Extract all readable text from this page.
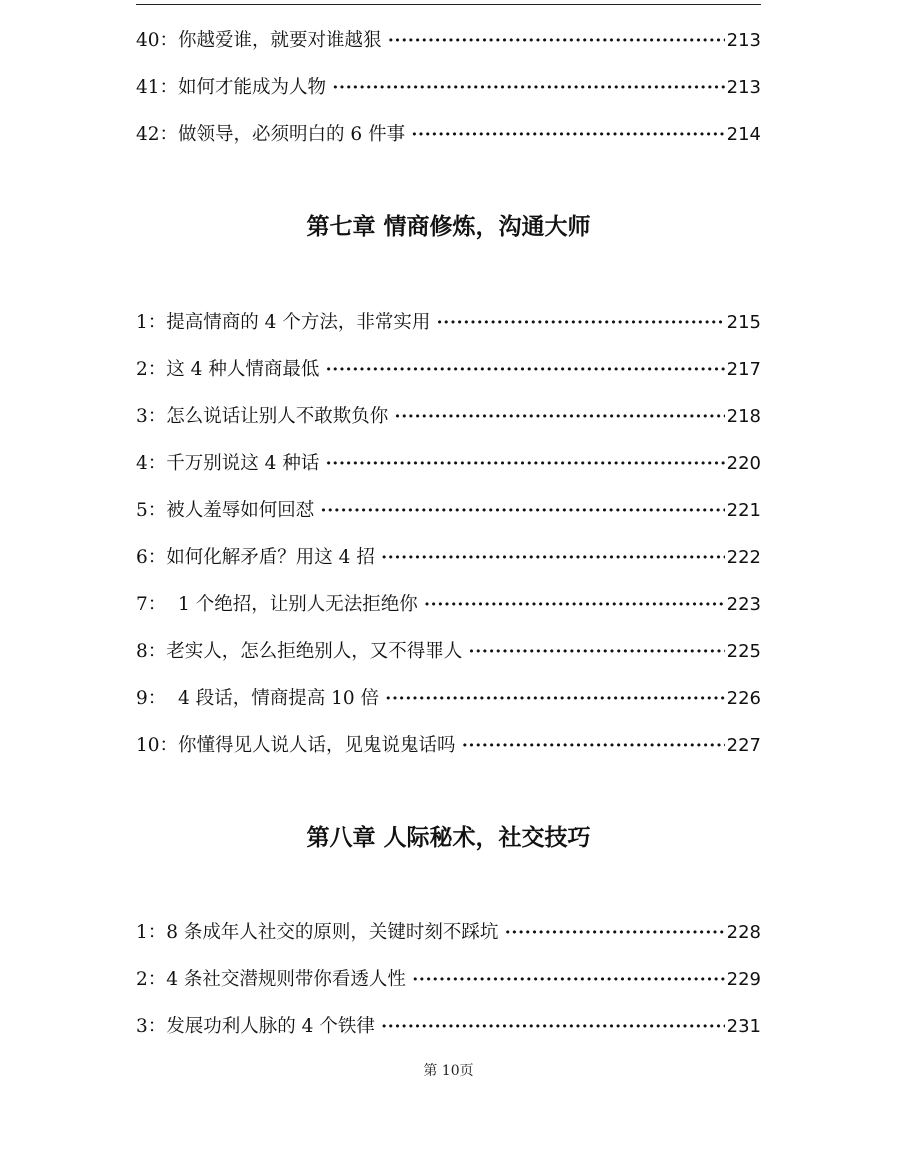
40： 你越爱谁，就要对谁越狠 •••••	213
41： 如何才能成为人物 •••••	213
42： 做领导，必须明白的 6 件事 •••••	214
第七章 情商修炼，沟通大师
1： 提高情商的 4 个方法，非常实用 •••••	215
2： 这 4 种人情商最低 •••••	217
3： 怎么说话让别人不敢欺负你 •••••	218
4： 千万别说这 4 种话 •••••	220
5： 被人羞辱如何回怼 •••••	221
6： 如何化解矛盾？用这 4 招 •••••	222
7： 1 个绝招，让别人无法拒绝你 •••••	223
8： 老实人，怎么拒绝别人，又不得罪人 •••••	225
9： 4 段话，情商提高 10 倍 •••••	226
10： 你懂得见人说人话，见鬼说鬼话吗 •••••	227
第八章 人际秘术，社交技巧
1： 8 条成年人社交的原则，关键时刻不踩坑 •••••	228
2： 4 条社交潜规则带你看透人性 •••••	229
3： 发展功利人脉的 4 个铁律 •••••	231
第 10页
